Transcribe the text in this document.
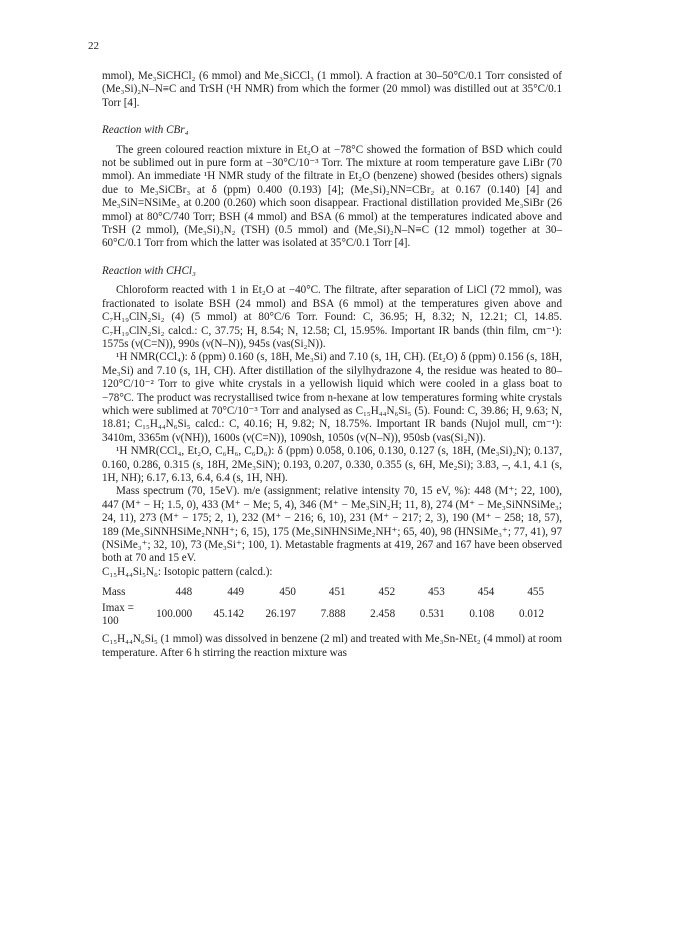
22

mmol), Me₃SiCHCl₂ (6 mmol) and Me₃SiCCl₃ (1 mmol). A fraction at 30–50°C/0.1 Torr consisted of (Me₃Si)₂N–N≡C and TrSH (¹H NMR) from which the former (20 mmol) was distilled out at 35°C/0.1 Torr [4].

Reaction with CBr₄

The green coloured reaction mixture in Et₂O at −78°C showed the formation of BSD which could not be sublimed out in pure form at −30°C/10⁻³ Torr. The mixture at room temperature gave LiBr (70 mmol). An immediate ¹H NMR study of the filtrate in Et₂O (benzene) showed (besides others) signals due to Me₃SiCBr₃ at δ (ppm) 0.400 (0.193) [4]; (Me₃Si)₂NN=CBr₂ at 0.167 (0.140) [4] and Me₃SiN=NSiMe₃ at 0.200 (0.260) which soon disappear. Fractional distillation provided Me₃SiBr (26 mmol) at 80°C/740 Torr; BSH (4 mmol) and BSA (6 mmol) at the temperatures indicated above and TrSH (2 mmol), (Me₃Si)₃N₂ (TSH) (0.5 mmol) and (Me₃Si)₂N–N≡C (12 mmol) together at 30–60°C/0.1 Torr from which the latter was isolated at 35°C/0.1 Torr [4].

Reaction with CHCl₃

Chloroform reacted with 1 in Et₂O at −40°C. The filtrate, after separation of LiCl (72 mmol), was fractionated to isolate BSH (24 mmol) and BSA (6 mmol) at the temperatures given above and C₇H₁₉ClN₂Si₂ (4) (5 mmol) at 80°C/6 Torr. Found: C, 36.95; H, 8.32; N, 12.21; Cl, 14.85. C₇H₁₉ClN₂Si₂ calcd.: C, 37.75; H, 8.54; N, 12.58; Cl, 15.95%. Important IR bands (thin film, cm⁻¹): 1575s (ν(C=N)), 990s (ν(N–N)), 945s (νas(Si₂N)).

¹H NMR(CCl₄): δ (ppm) 0.160 (s, 18H, Me₃Si) and 7.10 (s, 1H, CH). (Et₂O) δ (ppm) 0.156 (s, 18H, Me₃Si) and 7.10 (s, 1H, CH). After distillation of the silylhydrazone 4, the residue was heated to 80–120°C/10⁻² Torr to give white crystals in a yellowish liquid which were cooled in a glass boat to −78°C. The product was recrystallised twice from n-hexane at low temperatures forming white crystals which were sublimed at 70°C/10⁻³ Torr and analysed as C₁₅H₄₄N₆Si₅ (5). Found: C, 39.86; H, 9.63; N, 18.81; C₁₅H₄₄N₆Si₅ calcd.: C, 40.16; H, 9.82; N, 18.75%. Important IR bands (Nujol mull, cm⁻¹): 3410m, 3365m (ν(NH)), 1600s (ν(C=N)), 1090sh, 1050s (ν(N–N)), 950sb (νas(Si₂N)).

¹H NMR(CCl₄, Et₂O, C₆H₆, C₆D₆): δ (ppm) 0.058, 0.106, 0.130, 0.127 (s, 18H, (Me₃Si)₂N); 0.137, 0.160, 0.286, 0.315 (s, 18H, 2Me₃SiN); 0.193, 0.207, 0.330, 0.355 (s, 6H, Me₂Si); 3.83, –, 4.1, 4.1 (s, 1H, NH); 6.17, 6.13, 6.4, 6.4 (s, 1H, NH).

Mass spectrum (70, 15eV). m/e (assignment; relative intensity 70, 15 eV, %): 448 (M⁺; 22, 100), 447 (M⁺ − H; 1.5, 0), 433 (M⁺ − Me; 5, 4), 346 (M⁺ − Me₃SiN₂H; 11, 8), 274 (M⁺ − Me₃SiNNSiMe₃; 24, 11), 273 (M⁺ − 175; 2, 1), 232 (M⁺ − 216; 6, 10), 231 (M⁺ − 217; 2, 3), 190 (M⁺ − 258; 18, 57), 189 (Me₃SiNNHSiMe₂NNH⁺; 6, 15), 175 (Me₃SiNHNSiMe₂NH⁺; 65, 40), 98 (HNSiMe₃⁺; 77, 41), 97 (NSiMe₃⁺; 32, 10), 73 (Me₃Si⁺; 100, 1). Metastable fragments at 419, 267 and 167 have been observed both at 70 and 15 eV.

C₁₅H₄₄Si₅N₆: Isotopic pattern (calcd.):

Mass	448	449	450	451	452	453	454	455
Imax = 100	100.000	45.142	26.197	7.888	2.458	0.531	0.108	0.012

C₁₅H₄₄N₆Si₅ (1 mmol) was dissolved in benzene (2 ml) and treated with Me₃Sn-NEt₂ (4 mmol) at room temperature. After 6 h stirring the reaction mixture was
